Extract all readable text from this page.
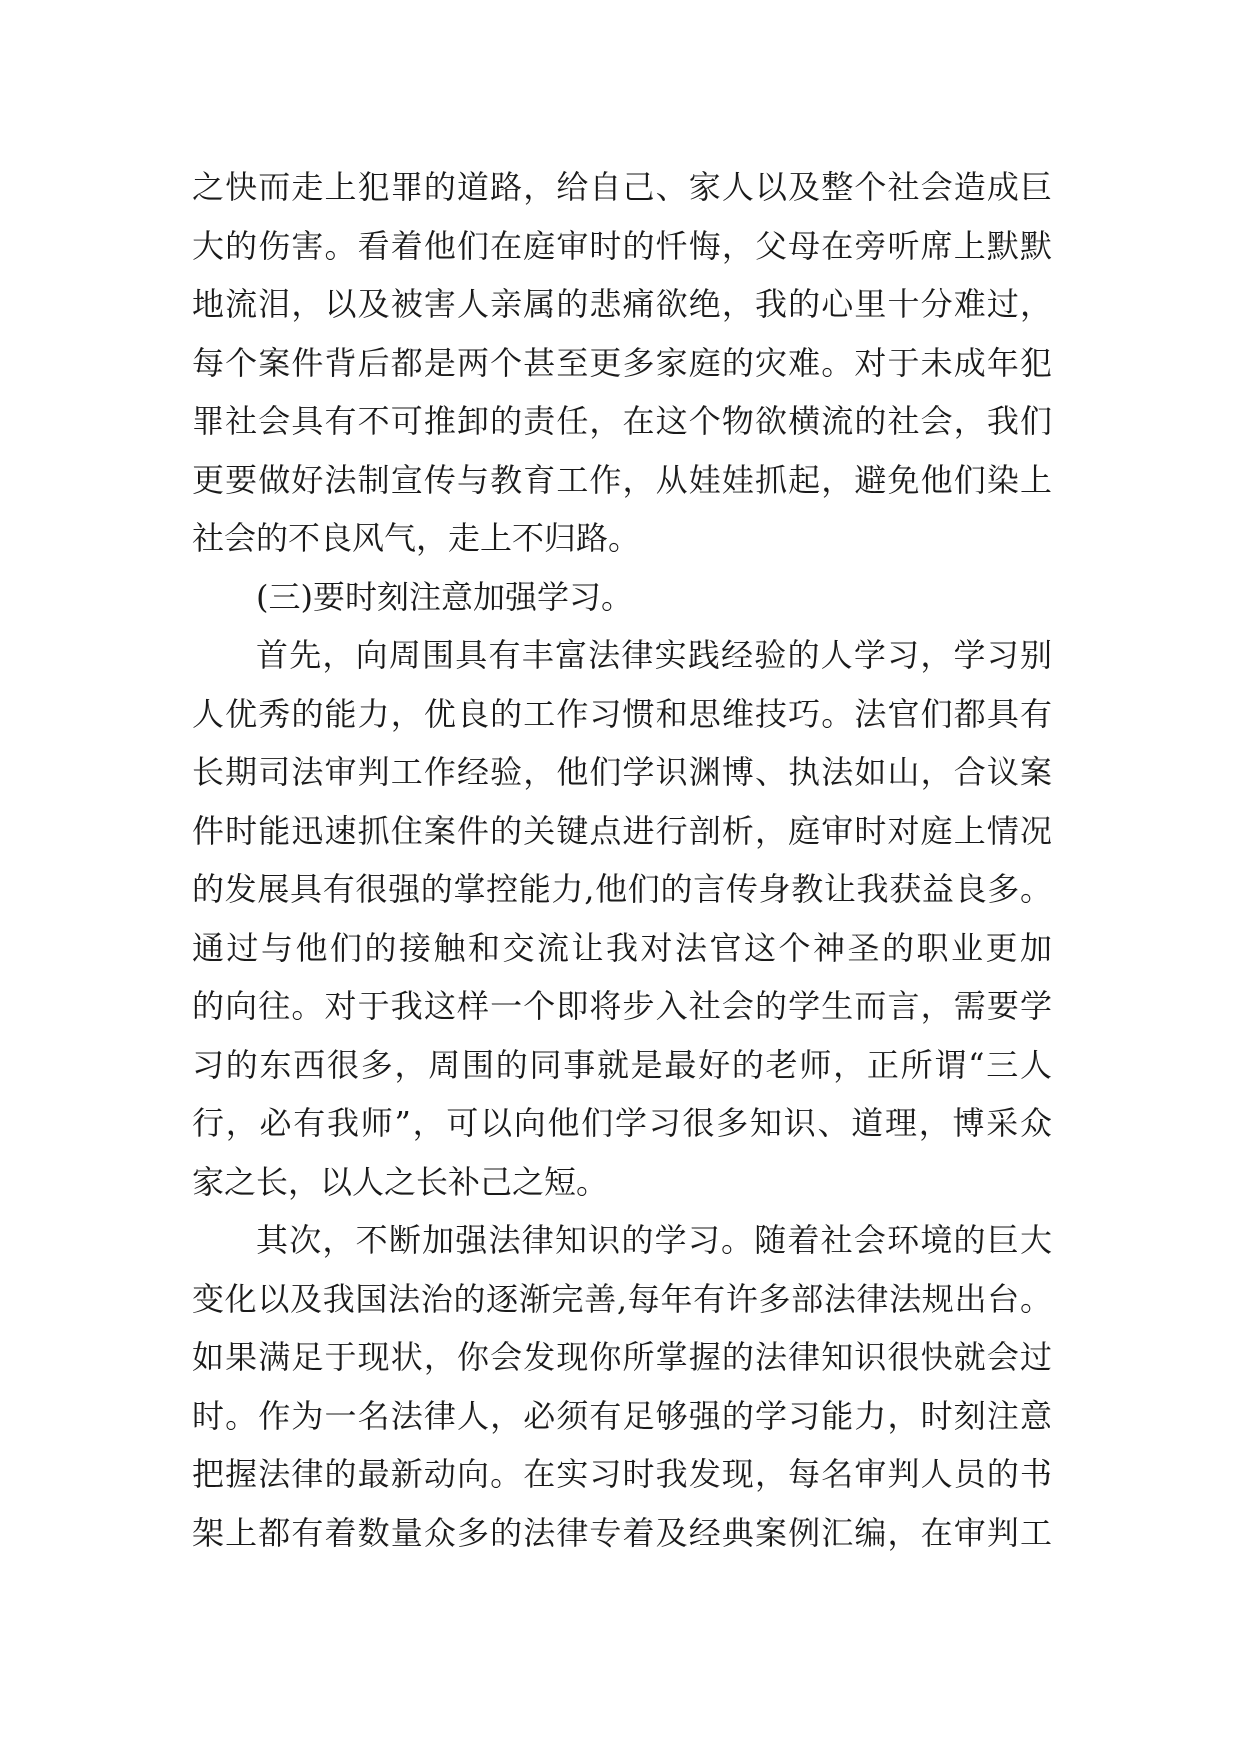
之快而走上犯罪的道路，给自己、家人以及整个社会造成巨
大的伤害。看着他们在庭审时的忏悔，父母在旁听席上默默
地流泪，以及被害人亲属的悲痛欲绝，我的心里十分难过，
每个案件背后都是两个甚至更多家庭的灾难。对于未成年犯
罪社会具有不可推卸的责任，在这个物欲横流的社会，我们
更要做好法制宣传与教育工作，从娃娃抓起，避免他们染上
社会的不良风气，走上不归路。
(三)要时刻注意加强学习。
首先，向周围具有丰富法律实践经验的人学习，学习别
人优秀的能力，优良的工作习惯和思维技巧。法官们都具有
长期司法审判工作经验，他们学识渊博、执法如山，合议案
件时能迅速抓住案件的关键点进行剖析，庭审时对庭上情况
的发展具有很强的掌控能力,他们的言传身教让我获益良多。
通过与他们的接触和交流让我对法官这个神圣的职业更加
的向往。对于我这样一个即将步入社会的学生而言，需要学
习的东西很多，周围的同事就是最好的老师，正所谓“三人
行，必有我师”，可以向他们学习很多知识、道理，博采众
家之长，以人之长补己之短。
其次，不断加强法律知识的学习。随着社会环境的巨大
变化以及我国法治的逐渐完善,每年有许多部法律法规出台。
如果满足于现状，你会发现你所掌握的法律知识很快就会过
时。作为一名法律人，必须有足够强的学习能力，时刻注意
把握法律的最新动向。在实习时我发现，每名审判人员的书
架上都有着数量众多的法律专着及经典案例汇编，在审判工
